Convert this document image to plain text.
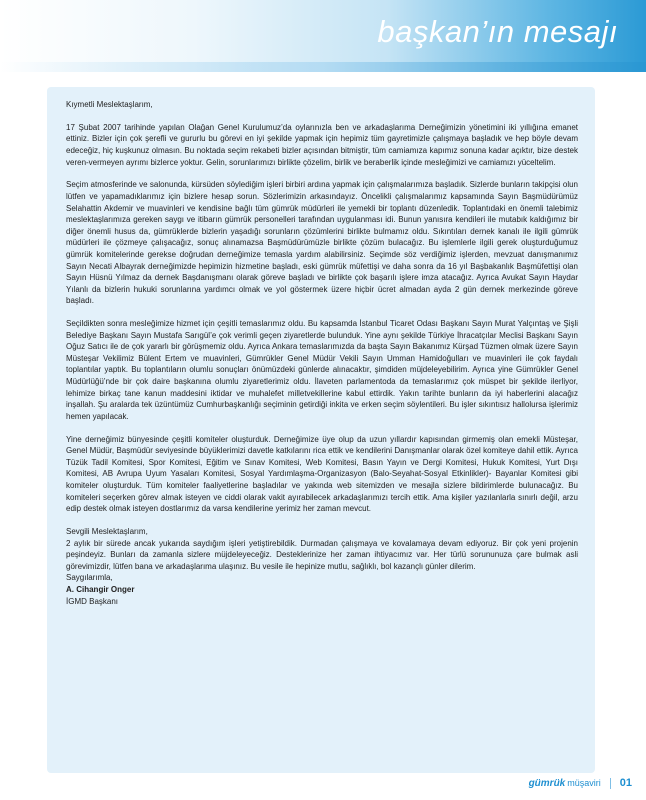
başkan’ın mesajı

Kıymetli Meslektaşlarım,

17 Şubat 2007 tarihinde yapılan Olağan Genel Kurulumuz’da oylarınızla ben ve arkadaşlarıma Derneğimizin yönetimini iki yıllığına emanet ettiniz. Bizler için çok şerefli ve gururlu bu görevi en iyi şekilde yapmak için hepimiz tüm gayretimizle çalışmaya başladık ve hep böyle devam edeceğiz, hiç kuşkunuz olmasın. Bu noktada seçim rekabeti bizler açısından bitmiştir, tüm camiamıza kapımız sonuna kadar açıktır, bize destek veren-vermeyen ayrımı bizlerce yoktur. Gelin, sorunlarımızı birlikte çözelim, birlik ve beraberlik içinde mesleğimizi ve camiamızı yüceltelim.

Seçim atmosferinde ve salonunda, kürsüden söylediğim işleri birbiri ardına yapmak için çalışmalarımıza başladık. Sizlerde bunların takipçisi olun lütfen ve yapamadıklarımız için bizlere hesap sorun. Sözlerimizin arkasındayız. Öncelikli çalışmalarımız kapsamında Sayın Başmüdürümüz Selahattin Akdemir ve muavinleri ve kendisine bağlı tüm gümrük müdürleri ile yemekli bir toplantı düzenledik. Toplantıdaki en önemli talebimiz meslektaşlarımıza gereken saygı ve itibarın gümrük personelleri tarafından uygulanması idi. Bunun yanısıra kendileri ile mutabık kaldığımız bir diğer önemli husus da, gümrüklerde bizlerin yaşadığı sorunların çözümlerini birlikte bulmamız oldu. Sıkıntıları dernek kanalı ile ilgili gümrük müdürleri ile çözmeye çalışacağız, sonuç alınamazsa Başmüdürümüzle birlikte çözüm bulacağız. Bu işlemlerle ilgili gerek oluşturduğumuz gümrük komitelerinde gerekse doğrudan derneğimize temasla yardım alabilirsiniz. Seçimde söz verdiğimiz işlerden, mevzuat danışmanımız Sayın Necati Albayrak derneğimizde hepimizin hizmetine başladı, eski gümrük müfettişi ve daha sonra da 16 yıl Başbakanlık Başmüfettişi olan Sayın Hüsnü Yılmaz da dernek Başdanışmanı olarak göreve başladı ve birlikte çok başarılı işlere imza atacağız. Ayrıca Avukat Sayın Haydar Yılanlı da bizlerin hukuki sorunlarına yardımcı olmak ve yol göstermek üzere hiçbir ücret almadan ayda 2 gün dernek merkezinde göreve başladı.

Seçildikten sonra mesleğimize hizmet için çeşitli temaslarımız oldu. Bu kapsamda İstanbul Ticaret Odası Başkanı Sayın Murat Yalçıntaş ve Şişli Belediye Başkanı Sayın Mustafa Sarıgül’e çok verimli geçen ziyaretlerde bulunduk. Yine aynı şekilde Türkiye İhracatçılar Meclisi Başkanı Sayın Oğuz Satıcı ile de çok yararlı bir görüşmemiz oldu. Ayrıca Ankara temaslarımızda da başta Sayın Bakanımız Kürşad Tüzmen olmak üzere Sayın Müsteşar Vekilimiz Bülent Ertem ve muavinleri, Gümrükler Genel Müdür Vekili Sayın Umman Hamidoğulları ve muavinleri ile çok faydalı toplantılar yaptık. Bu toplantıların olumlu sonuçları önümüzdeki günlerde alınacaktır, şimdiden müjdeleyebilirim. Ayrıca yine Gümrükler Genel Müdürlüğü’nde bir çok daire başkanına olumlu ziyaretlerimiz oldu. İlaveten parlamentoda da temaslarımız çok müspet bir şekilde ilerliyor, lehimize birkaç tane kanun maddesini iktidar ve muhalefet milletvekillerine kabul ettirdik. Yakın tarihte bunların da iyi haberlerini alacağız inşallah. Şu aralarda tek üzüntümüz Cumhurbaşkanlığı seçiminin getirdiği inkita ve erken seçim söylentileri. Bu işler sıkıntısız hallolursa işlerimiz hemen yapılacak.

Yine derneğimiz bünyesinde çeşitli komiteler oluşturduk. Derneğimize üye olup da uzun yıllardır kapısından girmemiş olan emekli Müsteşar, Genel Müdür, Başmüdür seviyesinde büyüklerimizi davetle katkılarını rica ettik ve kendilerini Danışmanlar olarak özel komiteye dahil ettik. Ayrıca Tüzük Tadil Komitesi, Spor Komitesi, Eğitim ve Sınav Komitesi, Web Komitesi, Basın Yayın ve Dergi Komitesi, Hukuk Komitesi, Yurt Dışı Komitesi, AB Avrupa Uyum Yasaları Komitesi, Sosyal Yardımlaşma-Organizasyon (Balo-Seyahat-Sosyal Etkinlikler)- Bayanlar Komitesi gibi komiteler oluşturduk. Tüm komiteler faaliyetlerine başladılar ve yakında web sitemizden ve mesajla sizlere bildirimlerde bulunacağız. Bu komiteleri seçerken görev almak isteyen ve ciddi olarak vakit ayırabilecek arkadaşlarımızı tercih ettik. Ama kişiler yazılanlarla sınırlı değil, arzu edip destek olmak isteyen dostlarımız da varsa kendilerine yerimiz her zaman mevcut.

Sevgili Meslektaşlarım,

2 aylık bir sürede ancak yukarıda saydığım işleri yetiştirebildik. Durmadan çalışmaya ve kovalamaya devam ediyoruz. Bir çok yeni projenin peşindeyiz. Bunları da zamanla sizlere müjdeleyeceğiz. Desteklerinize her zaman ihtiyacımız var. Her türlü sorununuza çare bulmak asli görevimizdir, lütfen bana ve arkadaşlarıma ulaşınız. Bu vesile ile hepinize mutlu, sağlıklı, bol kazançlı günler dilerim.

Saygılarımla,
A. Cihangir Onger
İGMD Başkanı
gümrük müşaviri 01
